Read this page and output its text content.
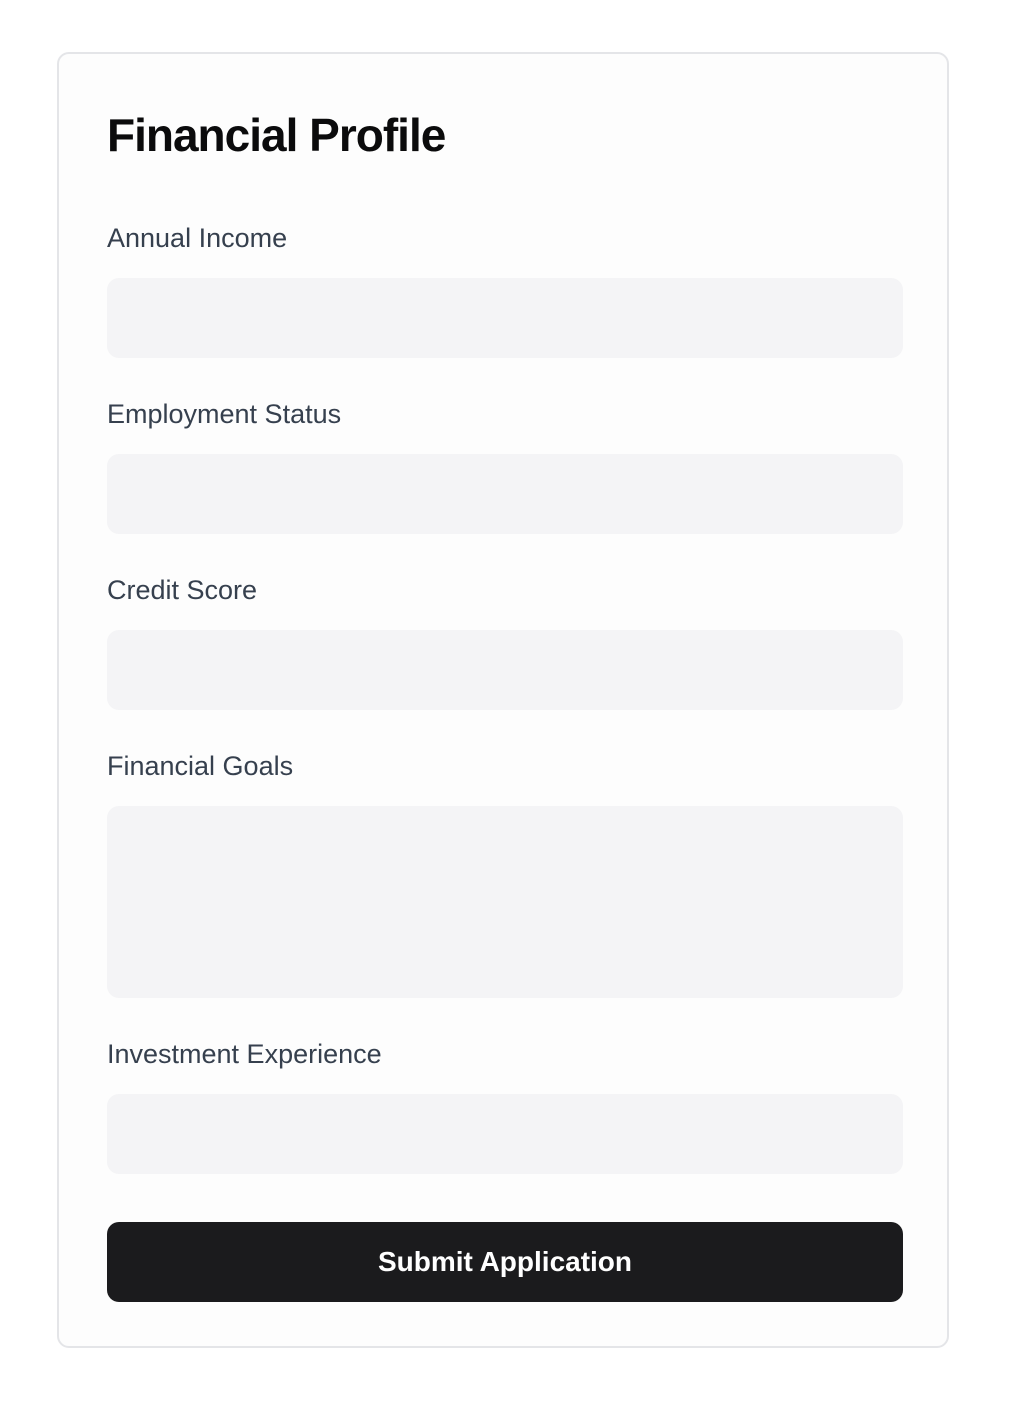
Financial Profile
Annual Income
Employment Status
Credit Score
Financial Goals
Investment Experience
Submit Application
